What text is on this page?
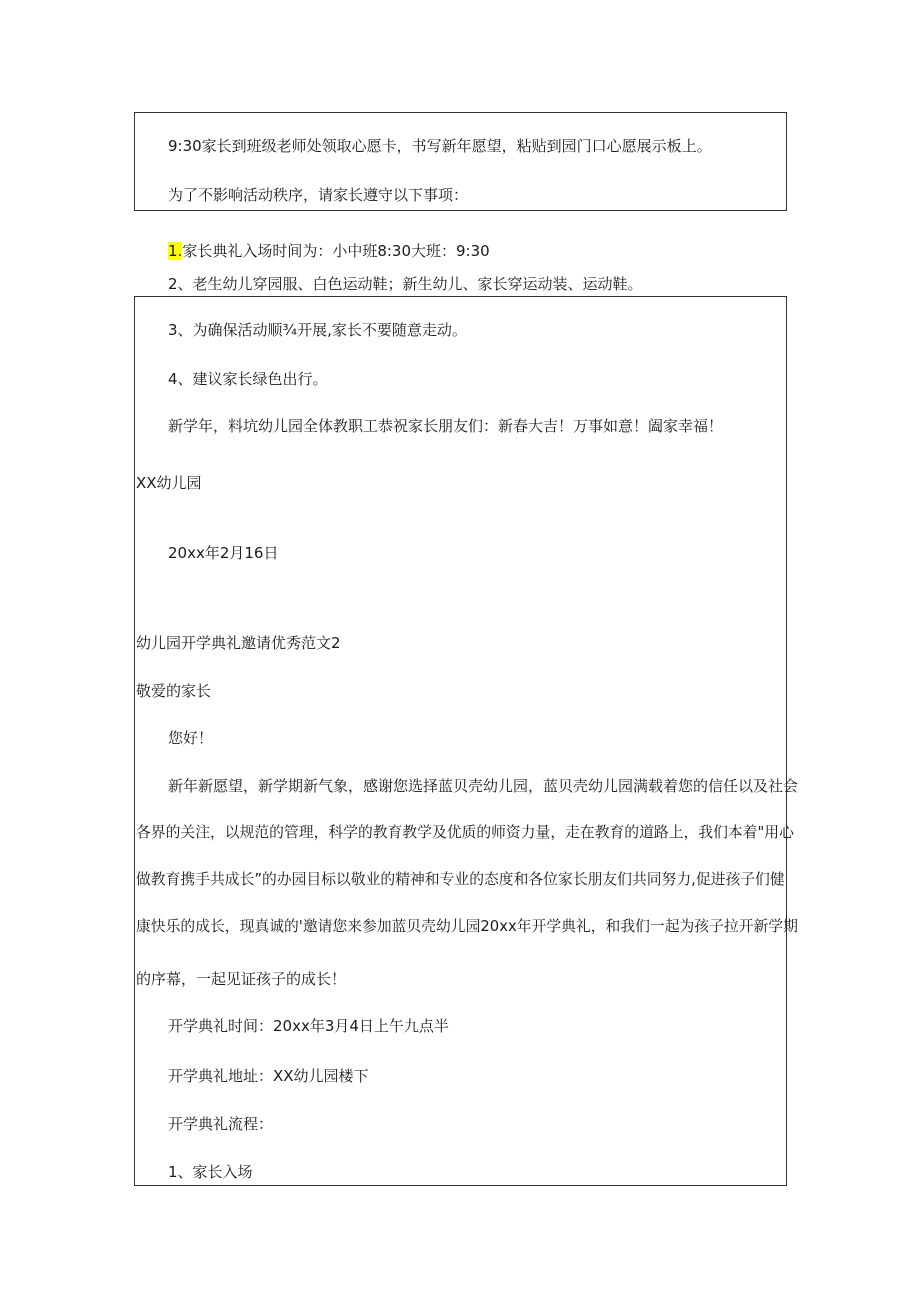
9:30家长到班级老师处领取心愿卡，书写新年愿望，粘贴到园门口心愿展示板上。
为了不影响活动秩序，请家长遵守以下事项：
1.家长典礼入场时间为：小中班8:30大班：9:30
2、老生幼儿穿园服、白色运动鞋；新生幼儿、家长穿运动装、运动鞋。
3、为确保活动顺¾开展,家长不要随意走动。
4、建议家长绿色出行。
新学年，料坑幼儿园全体教职工恭祝家长朋友们：新春大吉！万事如意！阖家幸福！
XX幼儿园
20xx年2月16日
幼儿园开学典礼邀请优秀范文2
敬爱的家长
您好！
新年新愿望，新学期新气象，感谢您选择蓝贝壳幼儿园，蓝贝壳幼儿园满载着您的信任以及社会
各界的关注，以规范的管理，科学的教育教学及优质的师资力量，走在教育的道路上，我们本着"用心
做教育携手共成长”的办园目标以敬业的精神和专业的态度和各位家长朋友们共同努力,促进孩子们健
康快乐的成长，现真诚的'邀请您来参加蓝贝壳幼儿园20xx年开学典礼，和我们一起为孩子拉开新学期
的序幕，一起见证孩子的成长！
开学典礼时间：20xx年3月4日上午九点半
开学典礼地址：XX幼儿园楼下
开学典礼流程：
1、家长入场
